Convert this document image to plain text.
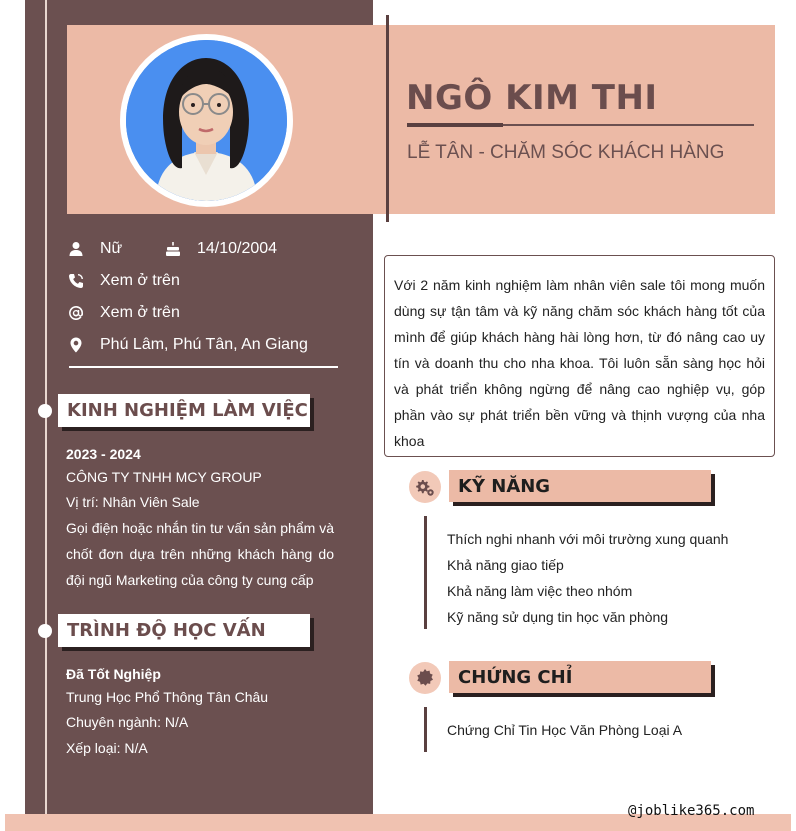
NGÔ KIM THI
LỄ TÂN - CHĂM SÓC KHÁCH HÀNG
Nữ	14/10/2004
Xem ở trên
Xem ở trên
Phú Lâm, Phú Tân, An Giang
KINH NGHIỆM LÀM VIỆC
2023 - 2024
CÔNG TY TNHH MCY GROUP
Vị trí: Nhân Viên Sale
Gọi điện hoặc nhắn tin tư vấn sản phẩm và chốt đơn dựa trên những khách hàng do đội ngũ Marketing của công ty cung cấp
TRÌNH ĐỘ HỌC VẤN
Đã Tốt Nghiệp
Trung Học Phổ Thông Tân Châu
Chuyên ngành: N/A
Xếp loại: N/A
Với 2 năm kinh nghiệm làm nhân viên sale tôi mong muốn dùng sự tận tâm và kỹ năng chăm sóc khách hàng tốt của mình để giúp khách hàng hài lòng hơn, từ đó nâng cao uy tín và doanh thu cho nha khoa. Tôi luôn sẵn sàng học hỏi và phát triển không ngừng để nâng cao nghiệp vụ, góp phần vào sự phát triển bền vững và thịnh vượng của nha khoa
KỸ NĂNG
Thích nghi nhanh với môi trường xung quanh
Khả năng giao tiếp
Khả năng làm việc theo nhóm
Kỹ năng sử dụng tin học văn phòng
CHỨNG CHỈ
Chứng Chỉ Tin Học Văn Phòng Loại A
@joblike365.com
